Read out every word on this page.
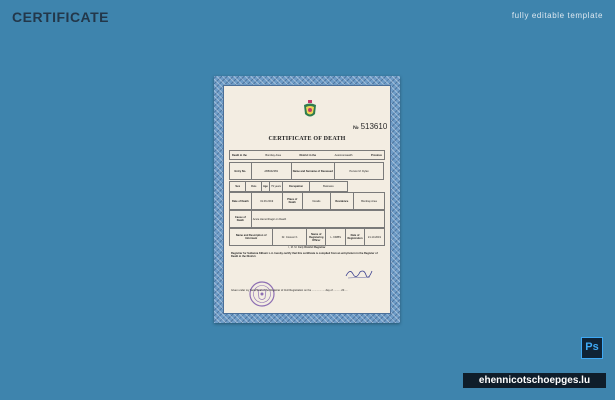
CERTIFICATE	fully editable template
№ 513610
CERTIFICATE OF DEATH
Death in the	Bombay Area	District in the	Automonwealth	Province
Entry No.	AB8342369	Name and Surname of Deceased	Person M. Dylan
Sex	Male	Age	79 years	Occupation	Business
Date of Death	01.06.2019	Place of Death	Vocalis	Residence	Bombay Area
Cause of Death	Acute Hemorrhagic on Death
Name and Description of Informant	Dr. Cresver K.	Name of Registering Officer	L. KIRBS	Date of Registration	21.10.2019
I, M. M. Dally District Registrar
Registrar for Sultanna Kilburn L.A. hereby certify that this certificate is compiled from an entry/return in the Register of Death in the District.
Given under my hand/Seal of the Registrar of Civil Registration on the .................. day of .......... 20.....
Ps
ehennicotschoepges.lu
